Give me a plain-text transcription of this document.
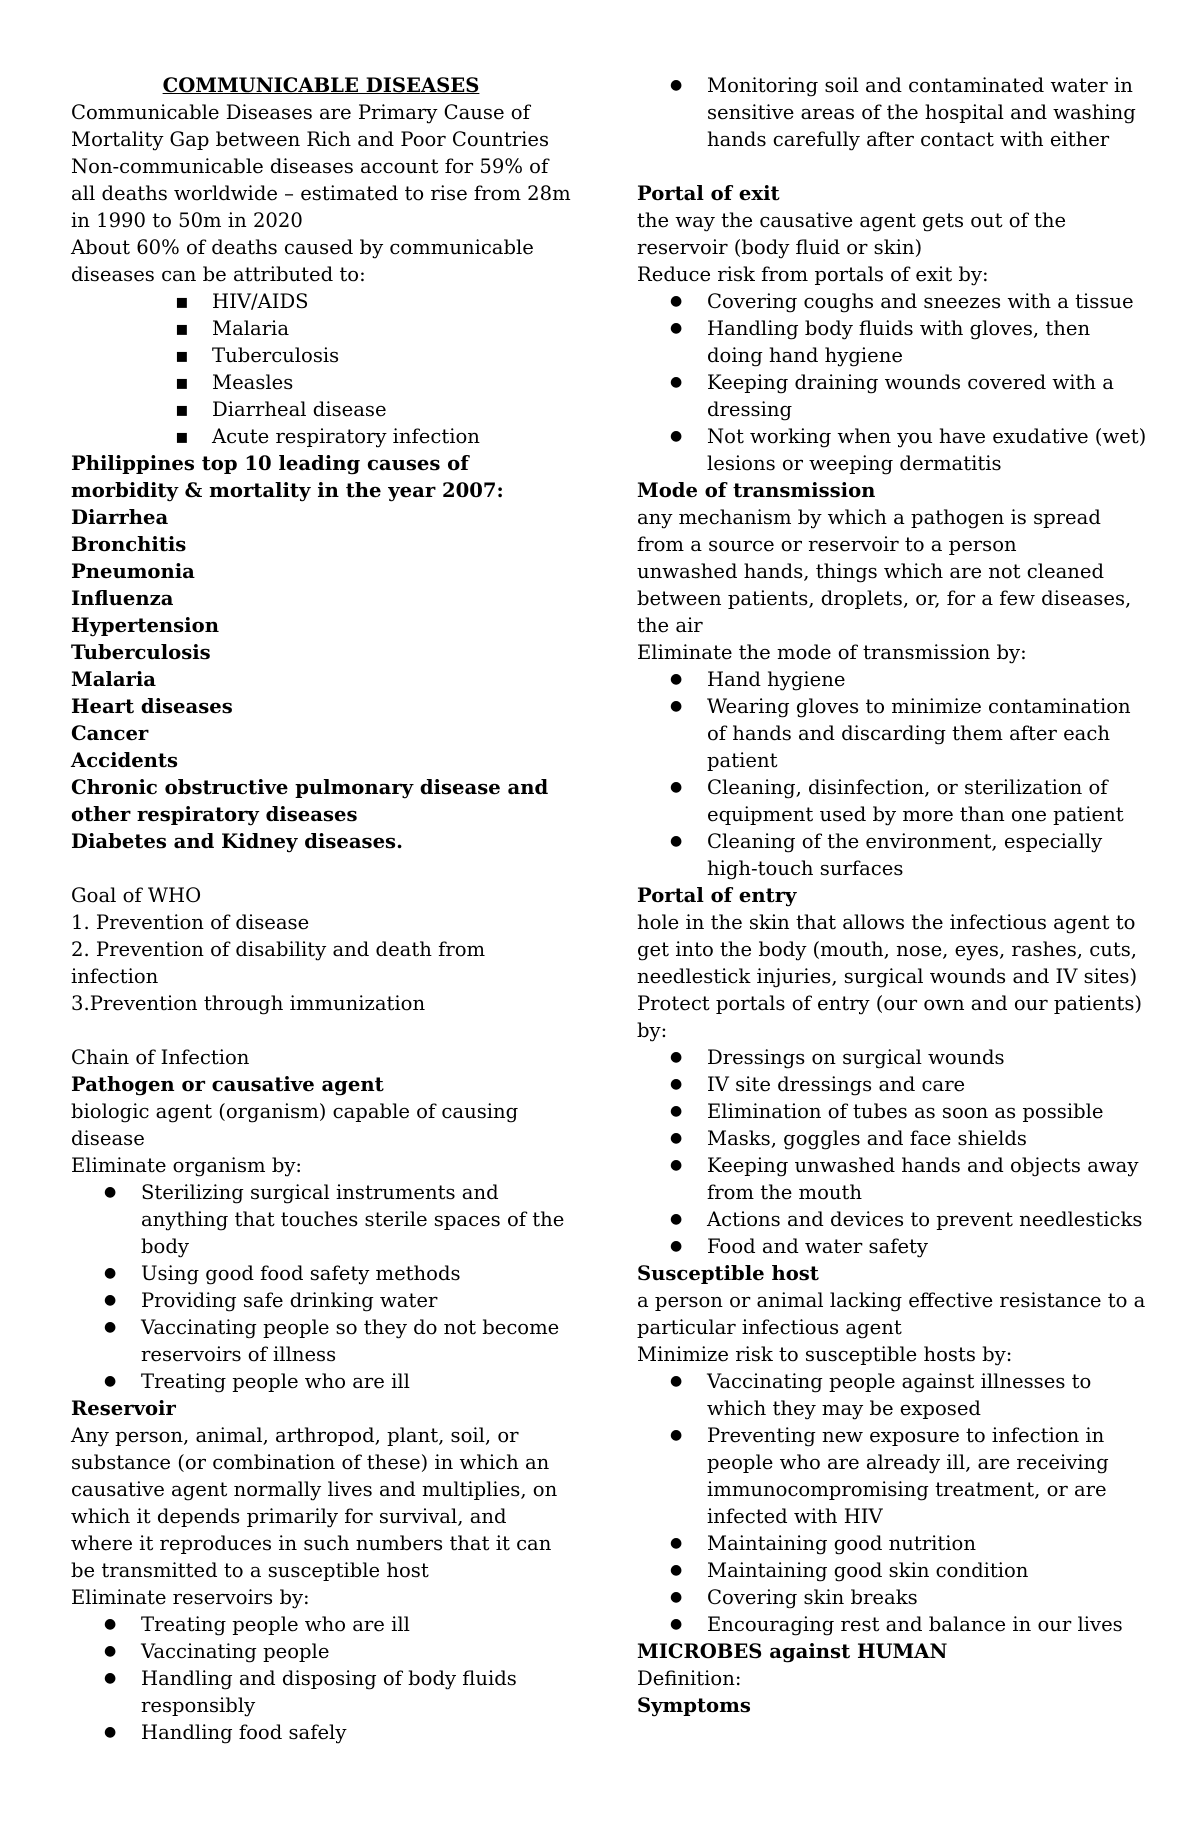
COMMUNICABLE DISEASES

Communicable Diseases are Primary Cause of Mortality Gap between Rich and Poor Countries

Non-communicable diseases account for 59% of all deaths worldwide – estimated to rise from 28m in 1990 to 50m in 2020

About 60% of deaths caused by communicable diseases can be attributed to:

▪ HIV/AIDS
▪ Malaria
▪ Tuberculosis
▪ Measles
▪ Diarrheal disease
▪ Acute respiratory infection

Philippines top 10 leading causes of morbidity & mortality in the year 2007:

Diarrhea

Bronchitis

Pneumonia

Influenza

Hypertension

Tuberculosis

Malaria

Heart diseases

Cancer

Accidents

Chronic obstructive pulmonary disease and other respiratory diseases

Diabetes and Kidney diseases.

Goal of WHO

1. Prevention of disease

2. Prevention of disability and death from infection

3.Prevention through immunization

Chain of Infection

Pathogen or causative agent

biologic agent (organism) capable of causing disease

Eliminate organism by:

● Sterilizing surgical instruments and anything that touches sterile spaces of the body
● Using good food safety methods
● Providing safe drinking water
● Vaccinating people so they do not become reservoirs of illness
● Treating people who are ill

Reservoir

Any person, animal, arthropod, plant, soil, or substance (or combination of these) in which an causative agent normally lives and multiplies, on which it depends primarily for survival, and where it reproduces in such numbers that it can be transmitted to a susceptible host

Eliminate reservoirs by:

● Treating people who are ill
● Vaccinating people
● Handling and disposing of body fluids responsibly
● Handling food safely
● Monitoring soil and contaminated water in sensitive areas of the hospital and washing hands carefully after contact with either

Portal of exit

the way the causative agent gets out of the reservoir (body fluid or skin)

Reduce risk from portals of exit by:

● Covering coughs and sneezes with a tissue
● Handling body fluids with gloves, then doing hand hygiene
● Keeping draining wounds covered with a dressing
● Not working when you have exudative (wet) lesions or weeping dermatitis

Mode of transmission

any mechanism by which a pathogen is spread from a source or reservoir to a person

unwashed hands, things which are not cleaned between patients, droplets, or, for a few diseases, the air

Eliminate the mode of transmission by:

● Hand hygiene
● Wearing gloves to minimize contamination of hands and discarding them after each patient
● Cleaning, disinfection, or sterilization of equipment used by more than one patient
● Cleaning of the environment, especially high-touch surfaces

Portal of entry

hole in the skin that allows the infectious agent to get into the body (mouth, nose, eyes, rashes, cuts, needlestick injuries, surgical wounds and IV sites)

Protect portals of entry (our own and our patients) by:

● Dressings on surgical wounds
● IV site dressings and care
● Elimination of tubes as soon as possible
● Masks, goggles and face shields
● Keeping unwashed hands and objects away from the mouth
● Actions and devices to prevent needlesticks
● Food and water safety

Susceptible host

a person or animal lacking effective resistance to a particular infectious agent

Minimize risk to susceptible hosts by:

● Vaccinating people against illnesses to which they may be exposed
● Preventing new exposure to infection in people who are already ill, are receiving immunocompromising treatment, or are infected with HIV
● Maintaining good nutrition
● Maintaining good skin condition
● Covering skin breaks
● Encouraging rest and balance in our lives

MICROBES against HUMAN

Definition:

Symptoms
